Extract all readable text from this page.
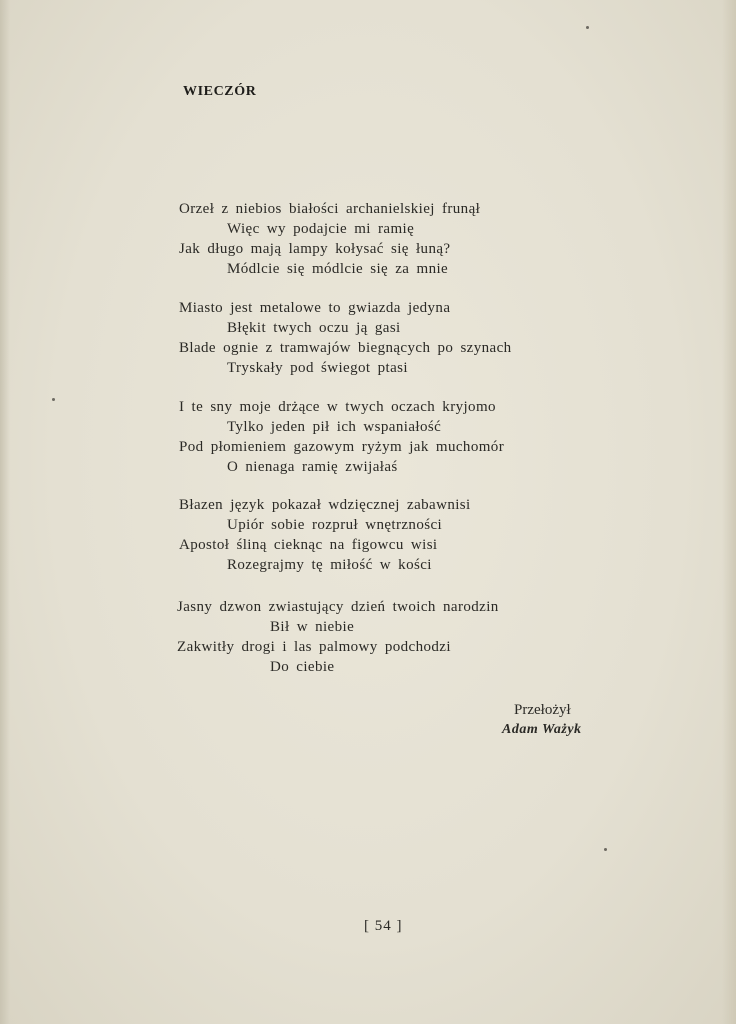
WIECZÓR
Orzeł z niebios białości archanielskiej frunął
Więc wy podajcie mi ramię
Jak długo mają lampy kołysać się łuną?
Módlcie się módlcie się za mnie
Miasto jest metalowe to gwiazda jedyna
Błękit twych oczu ją gasi
Blade ognie z tramwajów biegnących po szynach
Tryskały pod świegot ptasi
I te sny moje drżące w twych oczach kryjomo
Tylko jeden pił ich wspaniałość
Pod płomieniem gazowym ryżym jak muchomór
O nienaga ramię zwijałaś
Błazen język pokazał wdzięcznej zabawnisi
Upiór sobie rozpruł wnętrzności
Apostoł śliną cieknąc na figowcu wisi
Rozegrajmy tę miłość w kości
Jasny dzwon zwiastujący dzień twoich narodzin
Bił w niebie
Zakwitły drogi i las palmowy podchodzi
Do ciebie
Przełożył
Adam Ważyk
[ 54 ]
